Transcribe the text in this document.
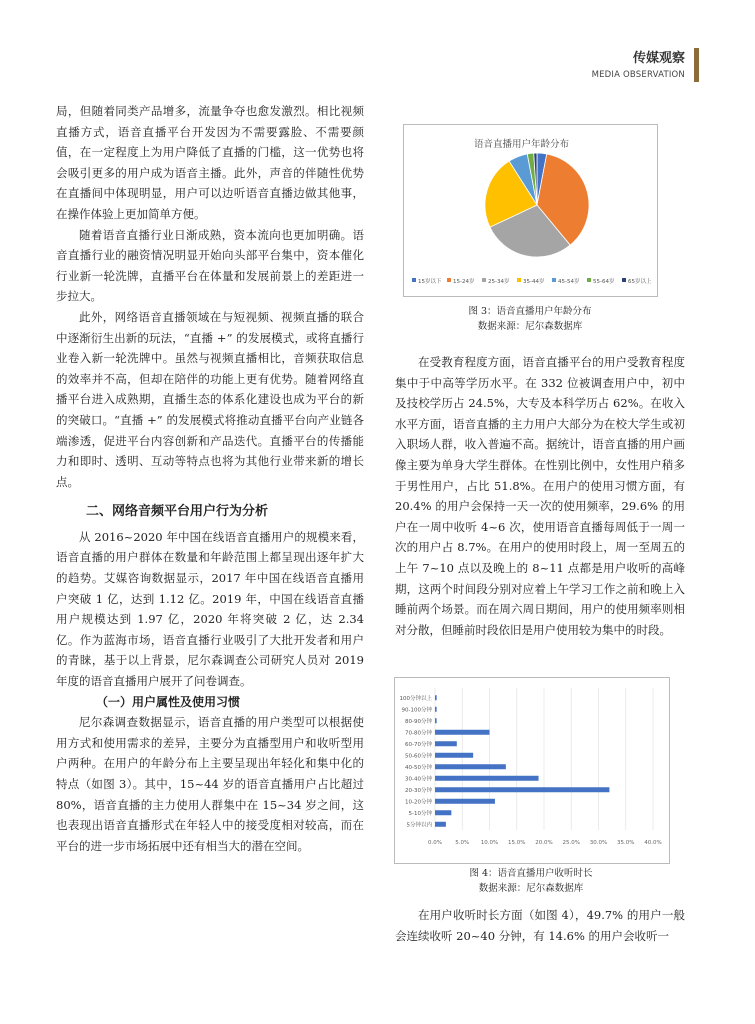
传媒观察
MEDIA OBSERVATION

局，但随着同类产品增多，流量争夺也愈发激烈。相比视频直播方式，语音直播平台开发因为不需要露脸、不需要颜值，在一定程度上为用户降低了直播的门槛，这一优势也将会吸引更多的用户成为语音主播。此外，声音的伴随性优势在直播间中体现明显，用户可以边听语音直播边做其他事，在操作体验上更加简单方便。

随着语音直播行业日渐成熟，资本流向也更加明确。语音直播行业的融资情况明显开始向头部平台集中，资本催化行业新一轮洗牌，直播平台在体量和发展前景上的差距进一步拉大。

此外，网络语音直播领域在与短视频、视频直播的联合中逐渐衍生出新的玩法，“直播 +” 的发展模式，或将直播行业卷入新一轮洗牌中。虽然与视频直播相比，音频获取信息的效率并不高，但却在陪伴的功能上更有优势。随着网络直播平台进入成熟期，直播生态的体系化建设也成为平台的新的突破口。“直播 +” 的发展模式将推动直播平台向产业链各端渗透，促进平台内容创新和产品迭代。直播平台的传播能力和即时、透明、互动等特点也将为其他行业带来新的增长点。

二、网络音频平台用户行为分析

从 2016~2020 年中国在线语音直播用户的规模来看，语音直播的用户群体在数量和年龄范围上都呈现出逐年扩大的趋势。艾媒咨询数据显示，2017 年中国在线语音直播用户突破 1 亿，达到 1.12 亿。2019 年，中国在线语音直播用户规模达到 1.97 亿，2020 年将突破 2 亿，达 2.34 亿。作为蓝海市场，语音直播行业吸引了大批开发者和用户的青睐，基于以上背景，尼尔森调查公司研究人员对 2019 年度的语音直播用户展开了问卷调查。

（一）用户属性及使用习惯

尼尔森调查数据显示，语音直播的用户类型可以根据使用方式和使用需求的差异，主要分为直播型用户和收听型用户两种。在用户的年龄分布上主要呈现出年轻化和集中化的特点（如图 3）。其中，15~44 岁的语音直播用户占比超过 80%，语音直播的主力使用人群集中在 15~34 岁之间，这也表现出语音直播形式在年轻人中的接受度相对较高，而在平台的进一步市场拓展中还有相当大的潜在空间。

语音直播用户年龄分布
15岁以下 15-24岁 25-34岁 35-44岁 45-54岁 55-64岁 65岁以上
图 3：语音直播用户年龄分布
数据来源：尼尔森数据库

在受教育程度方面，语音直播平台的用户受教育程度集中于中高等学历水平。在 332 位被调查用户中，初中及技校学历占 24.5%，大专及本科学历占 62%。在收入水平方面，语音直播的主力用户大部分为在校大学生或初入职场人群，收入普遍不高。据统计，语音直播的用户画像主要为单身大学生群体。在性别比例中，女性用户稍多于男性用户，占比 51.8%。在用户的使用习惯方面，有 20.4% 的用户会保持一天一次的使用频率，29.6% 的用户在一周中收听 4~6 次，使用语音直播每周低于一周一次的用户占 8.7%。在用户的使用时段上，周一至周五的上午 7~10 点以及晚上的 8~11 点都是用户收听的高峰期，这两个时间段分别对应着上午学习工作之前和晚上入睡前两个场景。而在周六周日期间，用户的使用频率则相对分散，但睡前时段依旧是用户使用较为集中的时段。

100分钟以上
90-100分钟
80-90分钟
70-80分钟
60-70分钟
50-60分钟
40-50分钟
30-40分钟
20-30分钟
10-20分钟
5-10分钟
5分钟以内
0.0% 5.0% 10.0% 15.0% 20.0% 25.0% 30.0% 35.0% 40.0%
图 4：语音直播用户收听时长
数据来源：尼尔森数据库

在用户收听时长方面（如图 4），49.7% 的用户一般会连续收听 20~40 分钟，有 14.6% 的用户会收听一
